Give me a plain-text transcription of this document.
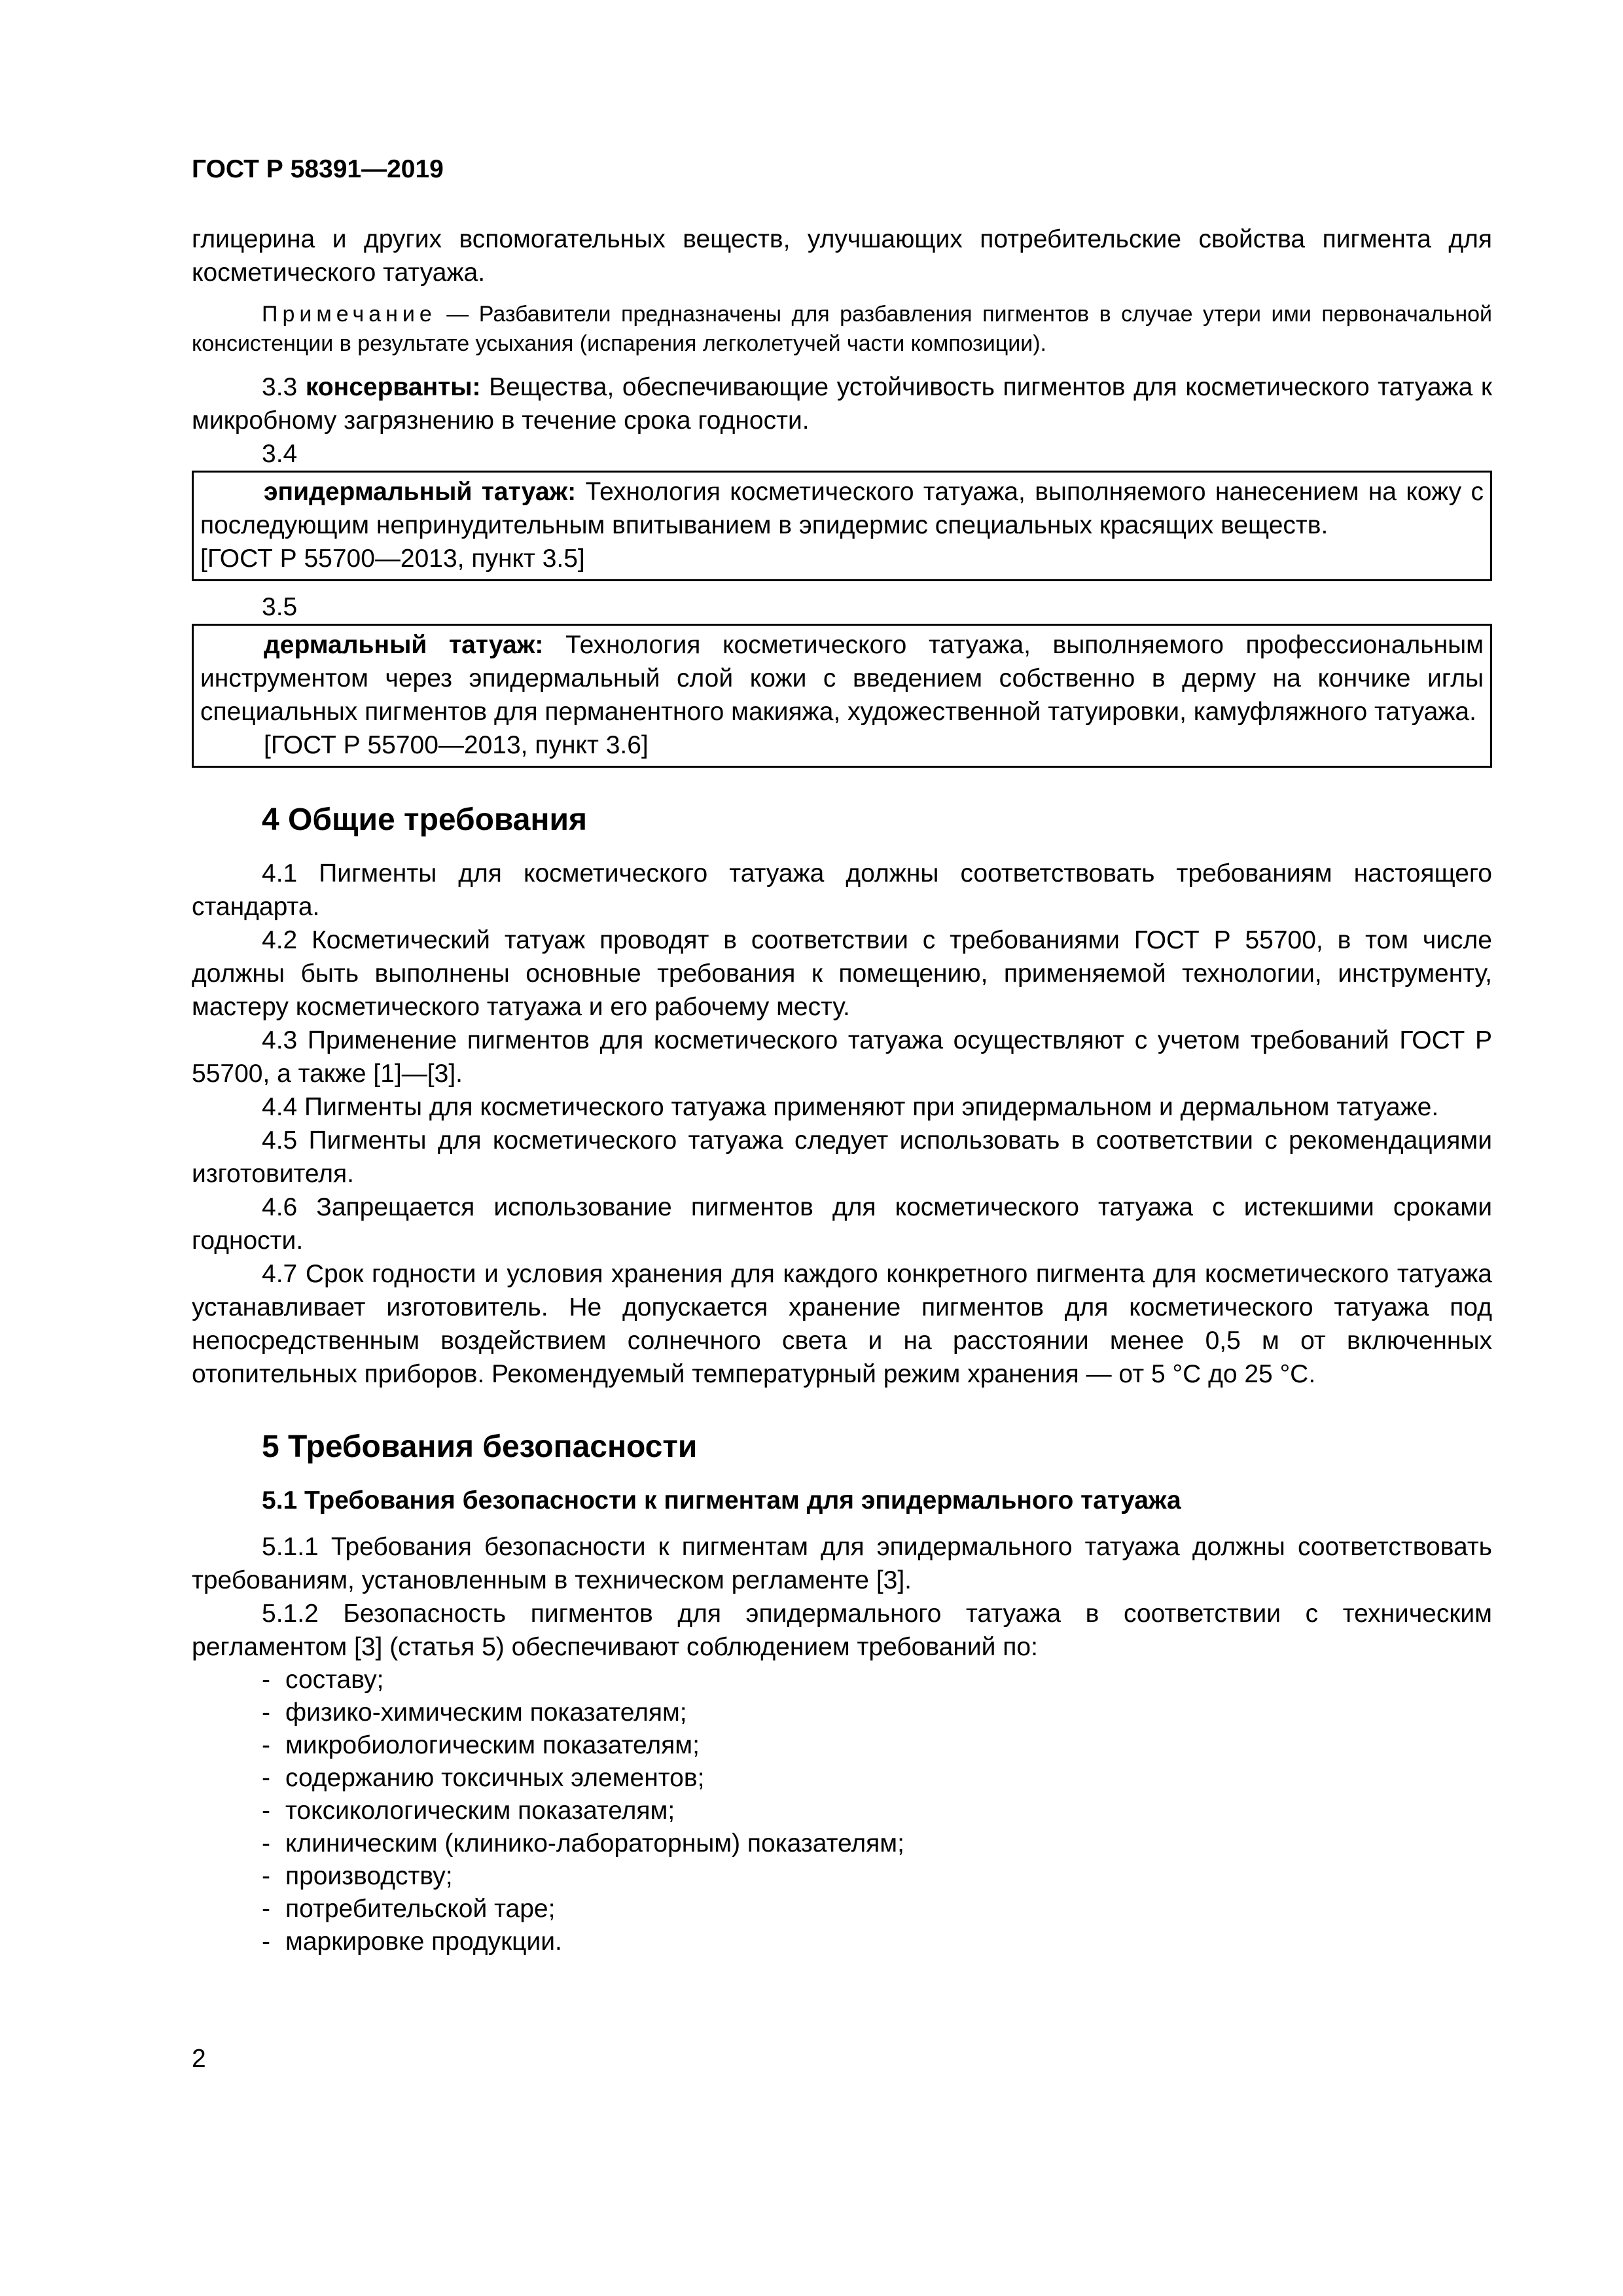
ГОСТ Р 58391—2019

глицерина и других вспомогательных веществ, улучшающих потребительские свойства пигмента для косметического татуажа.

Примечание — Разбавители предназначены для разбавления пигментов в случае утери ими первоначальной консистенции в результате усыхания (испарения легколетучей части композиции).

3.3 консерванты: Вещества, обеспечивающие устойчивость пигментов для косметического татуажа к микробному загрязнению в течение срока годности.

3.4

эпидермальный татуаж: Технология косметического татуажа, выполняемого нанесением на кожу с последующим непринудительным впитыванием в эпидермис специальных красящих веществ.

[ГОСТ Р 55700—2013, пункт 3.5]

3.5

дермальный татуаж: Технология косметического татуажа, выполняемого профессиональным инструментом через эпидермальный слой кожи с введением собственно в дерму на кончике иглы специальных пигментов для перманентного макияжа, художественной татуировки, камуфляжного татуажа.

[ГОСТ Р 55700—2013, пункт 3.6]

4 Общие требования

4.1 Пигменты для косметического татуажа должны соответствовать требованиям настоящего стандарта.

4.2 Косметический татуаж проводят в соответствии с требованиями ГОСТ Р 55700, в том числе должны быть выполнены основные требования к помещению, применяемой технологии, инструменту, мастеру косметического татуажа и его рабочему месту.

4.3 Применение пигментов для косметического татуажа осуществляют с учетом требований ГОСТ Р 55700, а также [1]—[3].

4.4 Пигменты для косметического татуажа применяют при эпидермальном и дермальном татуаже.

4.5 Пигменты для косметического татуажа следует использовать в соответствии с рекомендациями изготовителя.

4.6 Запрещается использование пигментов для косметического татуажа с истекшими сроками годности.

4.7 Срок годности и условия хранения для каждого конкретного пигмента для косметического татуажа устанавливает изготовитель. Не допускается хранение пигментов для косметического татуажа под непосредственным воздействием солнечного света и на расстоянии менее 0,5 м от включенных отопительных приборов. Рекомендуемый температурный режим хранения — от 5 °С до 25 °С.

5 Требования безопасности

5.1 Требования безопасности к пигментам для эпидермального татуажа

5.1.1 Требования безопасности к пигментам для эпидермального татуажа должны соответствовать требованиям, установленным в техническом регламенте [3].

5.1.2 Безопасность пигментов для эпидермального татуажа в соответствии с техническим регламентом [3] (статья 5) обеспечивают соблюдением требований по:

- составу;
- физико-химическим показателям;
- микробиологическим показателям;
- содержанию токсичных элементов;
- токсикологическим показателям;
- клиническим (клинико-лабораторным) показателям;
- производству;
- потребительской таре;
- маркировке продукции.
2
